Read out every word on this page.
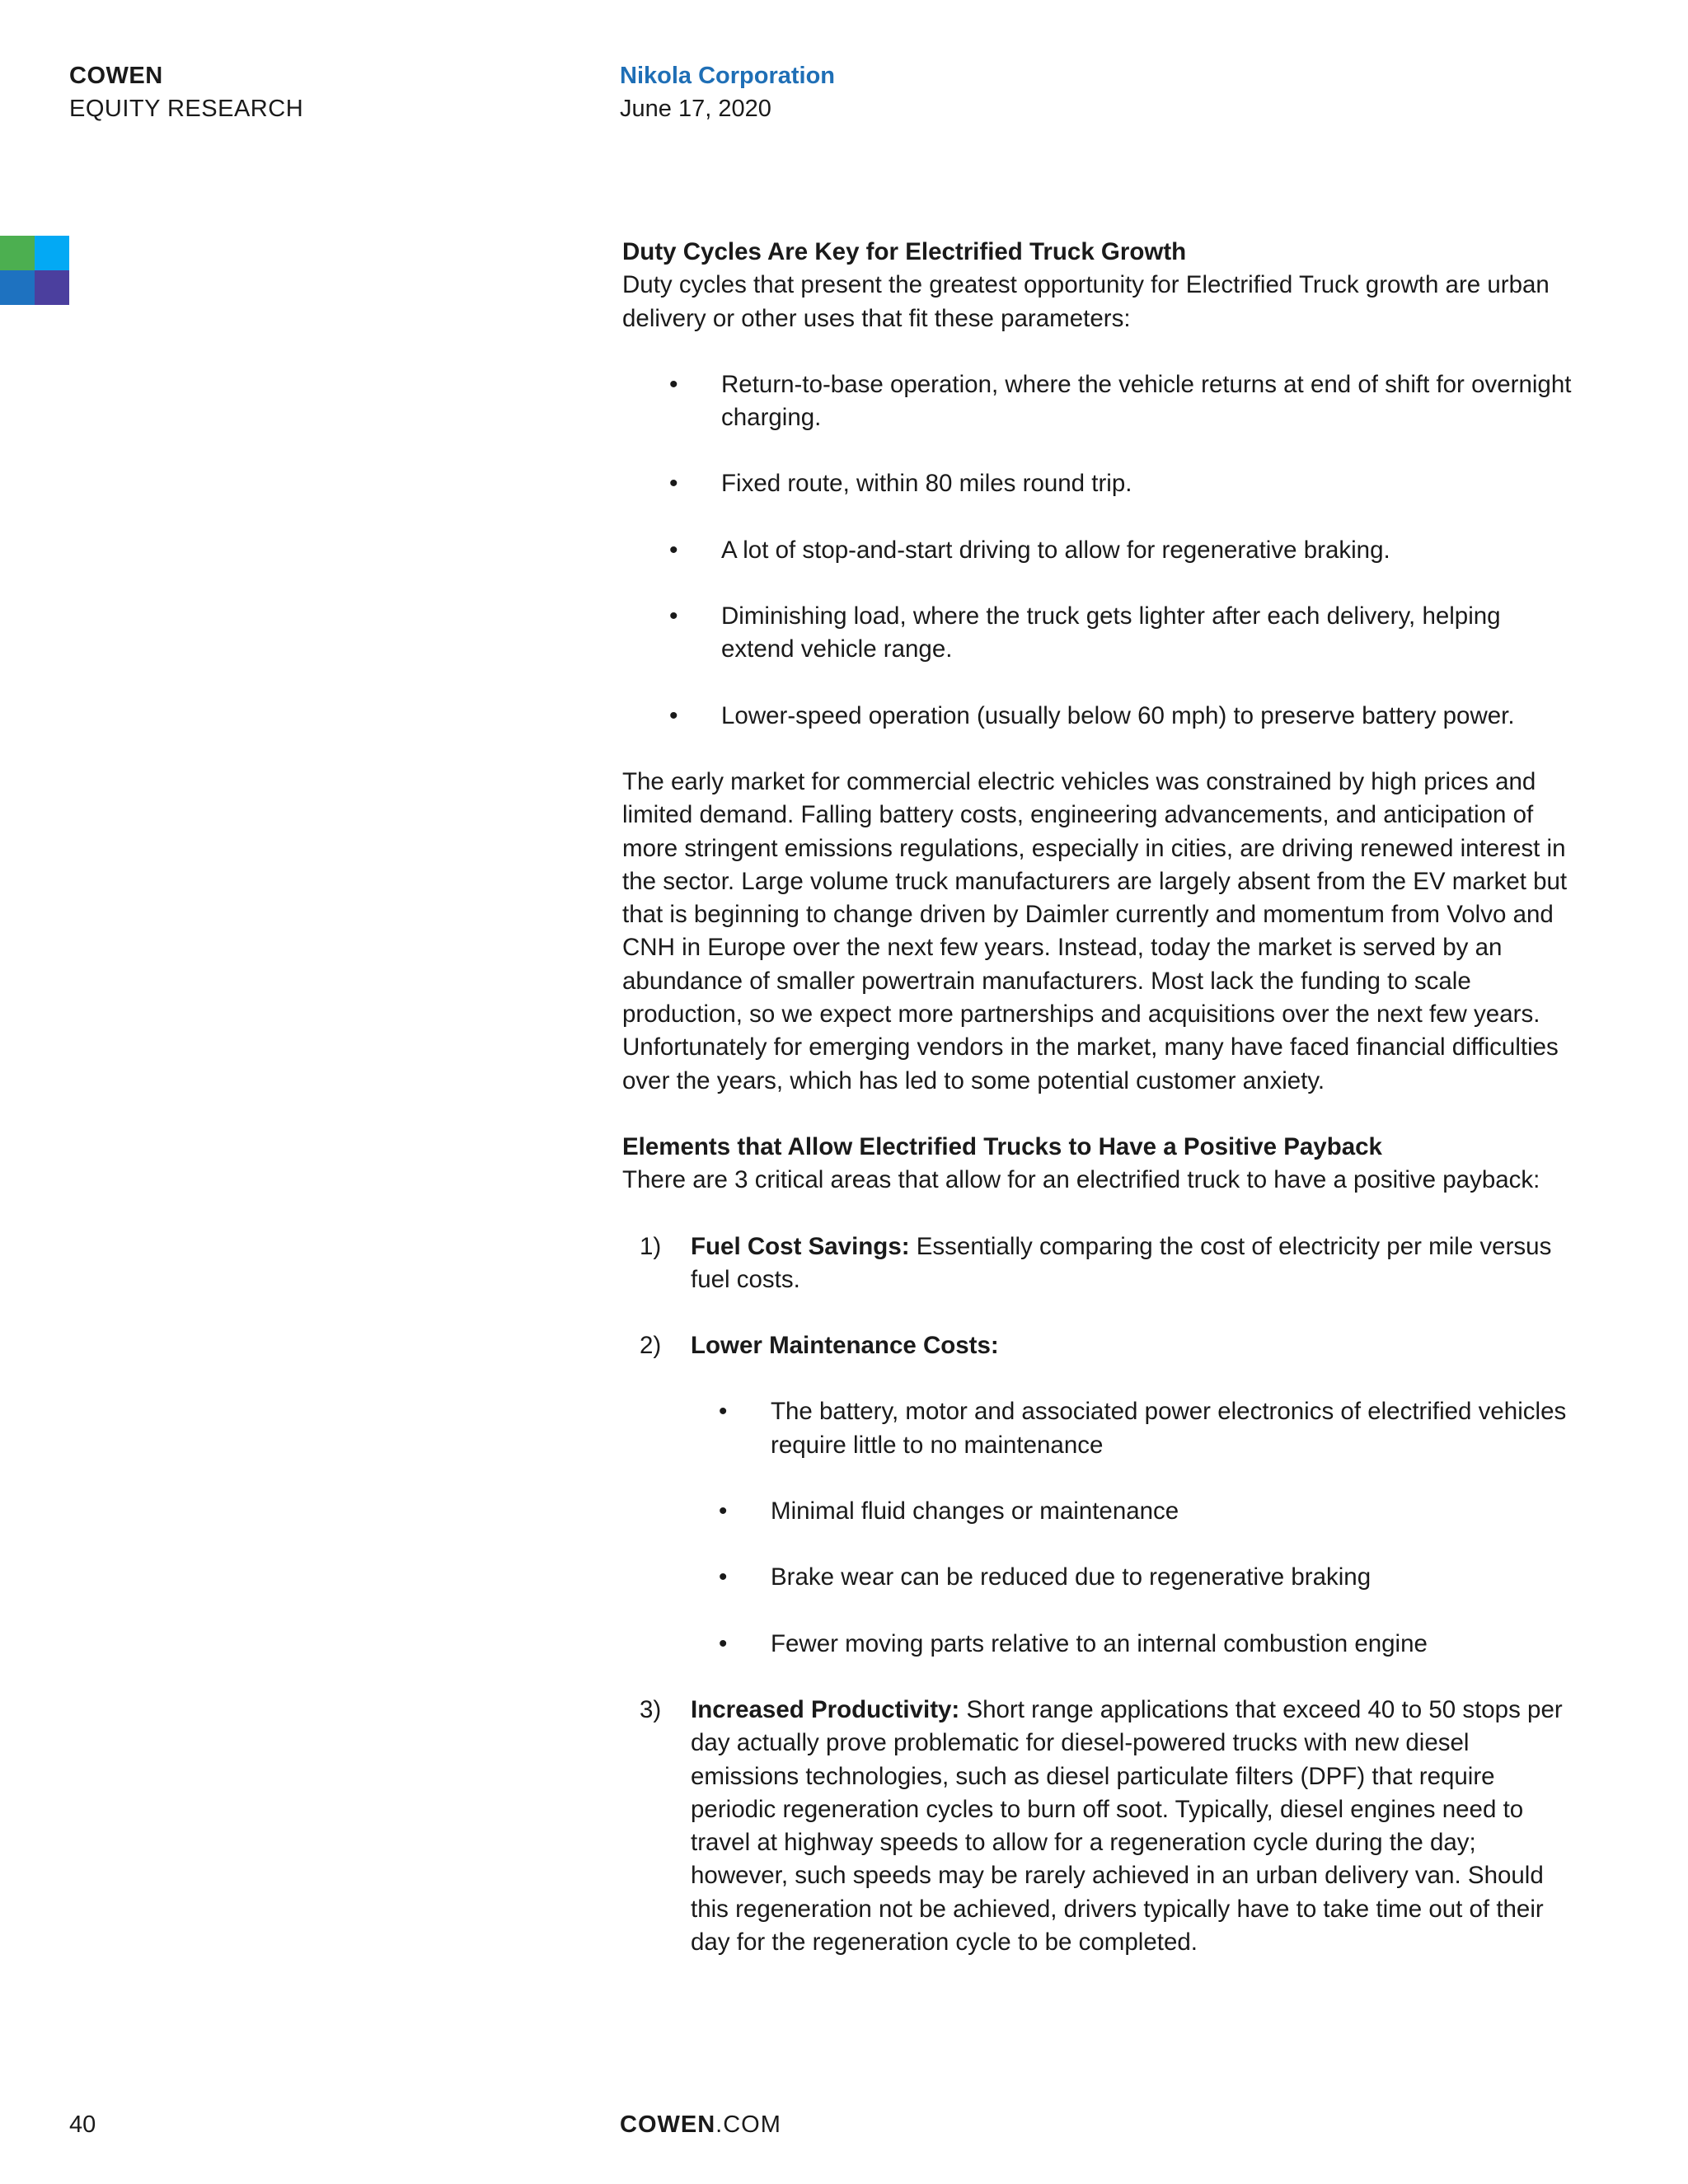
COWEN
EQUITY RESEARCH
Nikola Corporation
June 17, 2020

Duty Cycles Are Key for Electrified Truck Growth

Duty cycles that present the greatest opportunity for Electrified Truck growth are urban delivery or other uses that fit these parameters:

• Return-to-base operation, where the vehicle returns at end of shift for overnight charging.
• Fixed route, within 80 miles round trip.
• A lot of stop-and-start driving to allow for regenerative braking.
• Diminishing load, where the truck gets lighter after each delivery, helping extend vehicle range.
• Lower-speed operation (usually below 60 mph) to preserve battery power.

The early market for commercial electric vehicles was constrained by high prices and limited demand. Falling battery costs, engineering advancements, and anticipation of more stringent emissions regulations, especially in cities, are driving renewed interest in the sector. Large volume truck manufacturers are largely absent from the EV market but that is beginning to change driven by Daimler currently and momentum from Volvo and CNH in Europe over the next few years. Instead, today the market is served by an abundance of smaller powertrain manufacturers. Most lack the funding to scale production, so we expect more partnerships and acquisitions over the next few years. Unfortunately for emerging vendors in the market, many have faced financial difficulties over the years, which has led to some potential customer anxiety.

Elements that Allow Electrified Trucks to Have a Positive Payback

There are 3 critical areas that allow for an electrified truck to have a positive payback:

1) Fuel Cost Savings: Essentially comparing the cost of electricity per mile versus fuel costs.
2) Lower Maintenance Costs:
• The battery, motor and associated power electronics of electrified vehicles require little to no maintenance
• Minimal fluid changes or maintenance
• Brake wear can be reduced due to regenerative braking
• Fewer moving parts relative to an internal combustion engine
3) Increased Productivity: Short range applications that exceed 40 to 50 stops per day actually prove problematic for diesel-powered trucks with new diesel emissions technologies, such as diesel particulate filters (DPF) that require periodic regeneration cycles to burn off soot. Typically, diesel engines need to travel at highway speeds to allow for a regeneration cycle during the day; however, such speeds may be rarely achieved in an urban delivery van. Should this regeneration not be achieved, drivers typically have to take time out of their day for the regeneration cycle to be completed.
40	COWEN.COM
